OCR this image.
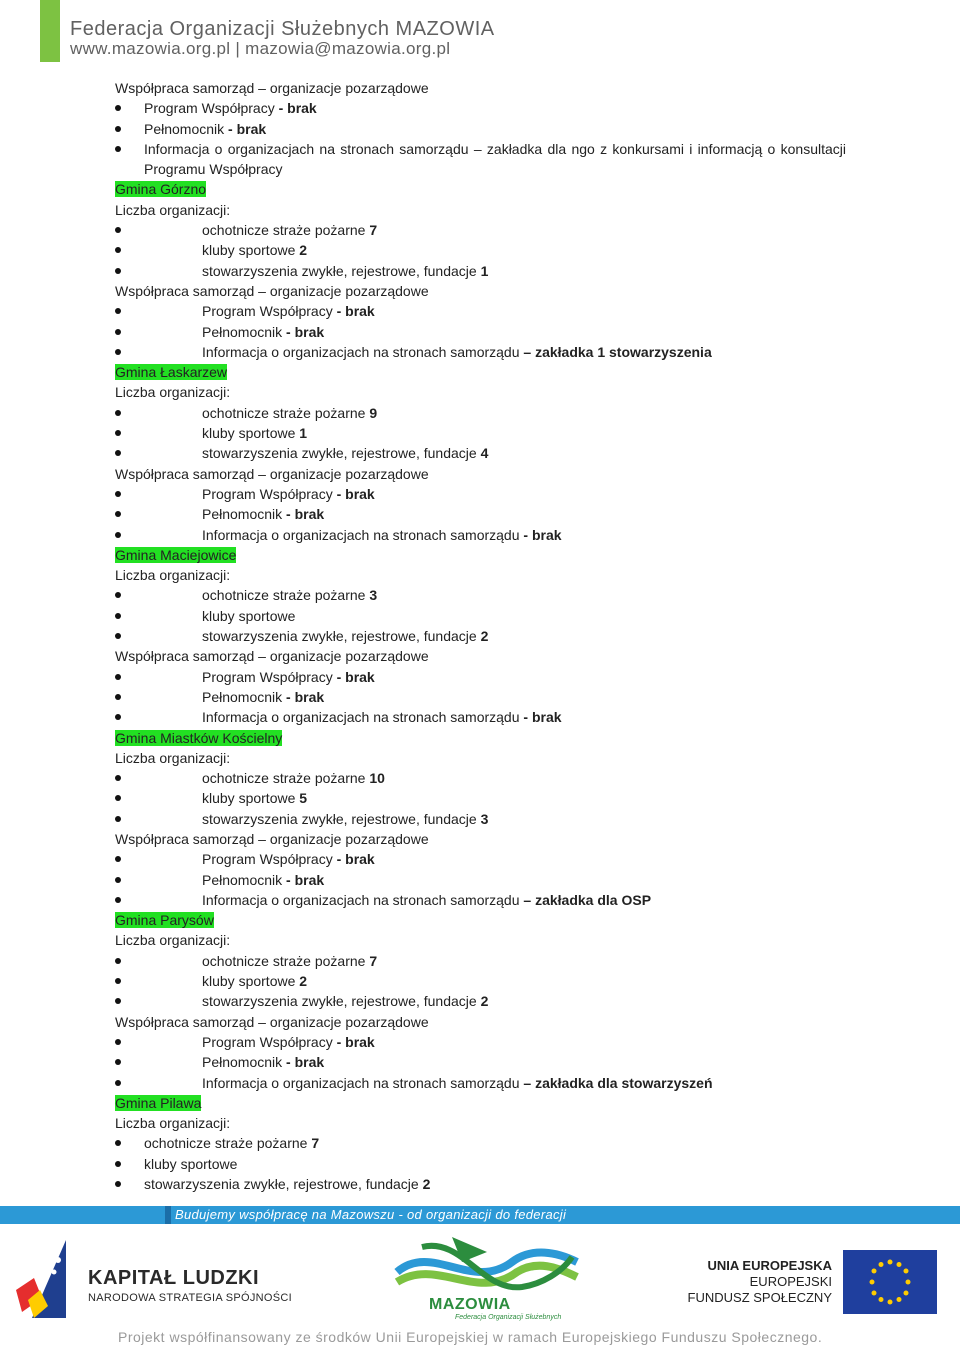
Federacja Organizacji Służebnych MAZOWIA
www.mazowia.org.pl | mazowia@mazowia.org.pl
Współpraca samorząd – organizacje pozarządowe
Program Współpracy - brak
Pełnomocnik - brak
Informacja o organizacjach na stronach samorządu – zakładka dla ngo z konkursami i informacją o konsultacji Programu Współpracy
Gmina Górzno
Liczba organizacji:
ochotnicze straże pożarne 7
kluby sportowe 2
stowarzyszenia zwykłe, rejestrowe, fundacje 1
Współpraca samorząd – organizacje pozarządowe
Program Współpracy - brak
Pełnomocnik - brak
Informacja o organizacjach na stronach samorządu – zakładka 1 stowarzyszenia
Gmina Łaskarzew
Liczba organizacji:
ochotnicze straże pożarne 9
kluby sportowe 1
stowarzyszenia zwykłe, rejestrowe, fundacje 4
Współpraca samorząd – organizacje pozarządowe
Program Współpracy - brak
Pełnomocnik - brak
Informacja o organizacjach na stronach samorządu - brak
Gmina Maciejowice
Liczba organizacji:
ochotnicze straże pożarne 3
kluby sportowe
stowarzyszenia zwykłe, rejestrowe, fundacje 2
Współpraca samorząd – organizacje pozarządowe
Program Współpracy - brak
Pełnomocnik - brak
Informacja o organizacjach na stronach samorządu - brak
Gmina Miastków Kościelny
Liczba organizacji:
ochotnicze straże pożarne 10
kluby sportowe 5
stowarzyszenia zwykłe, rejestrowe, fundacje 3
Współpraca samorząd – organizacje pozarządowe
Program Współpracy - brak
Pełnomocnik - brak
Informacja o organizacjach na stronach samorządu – zakładka dla OSP
Gmina Parysów
Liczba organizacji:
ochotnicze straże pożarne 7
kluby sportowe 2
stowarzyszenia zwykłe, rejestrowe, fundacje 2
Współpraca samorząd – organizacje pozarządowe
Program Współpracy - brak
Pełnomocnik - brak
Informacja o organizacjach na stronach samorządu – zakładka dla stowarzyszeń
Gmina Pilawa
Liczba organizacji:
ochotnicze straże pożarne 7
kluby sportowe
stowarzyszenia zwykłe, rejestrowe, fundacje 2
Budujemy współpracę na Mazowszu - od organizacji do federacji
KAPITAŁ LUDZKI
NARODOWA STRATEGIA SPÓJNOŚCI	MAZOWIA
Federacja Organizacji Służebnych
UNIA EUROPEJSKA
EUROPEJSKI
FUNDUSZ SPOŁECZNY
Projekt współfinansowany ze środków Unii Europejskiej w ramach Europejskiego Funduszu Społecznego.
